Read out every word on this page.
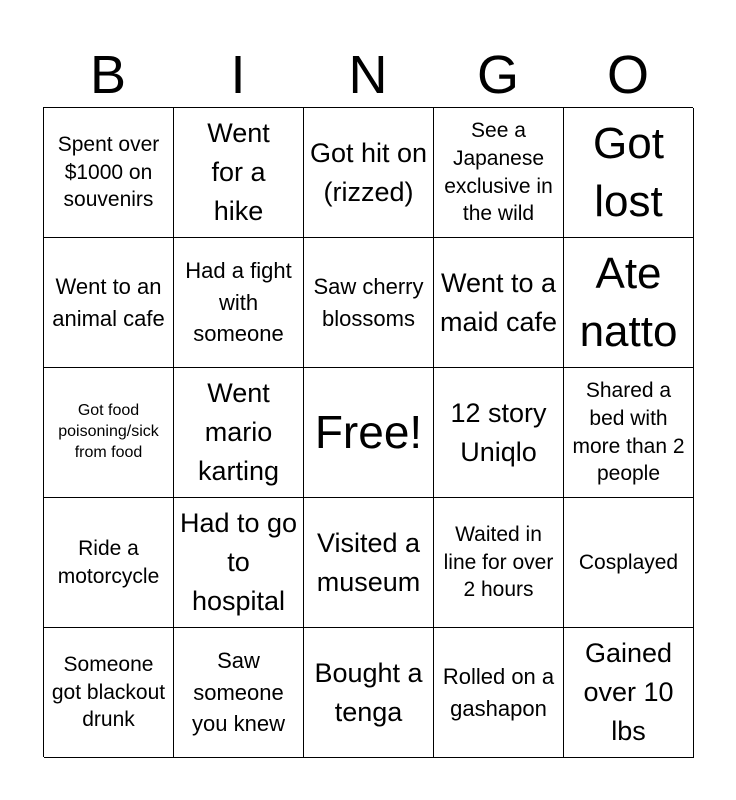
B	I	N	G	O
Spent over $1000 on souvenirs
Went for a hike
Got hit on (rizzed)
See a Japanese exclusive in the wild
Got lost
Went to an animal cafe
Had a fight with someone
Saw cherry blossoms
Went to a maid cafe
Ate natto
Got food poisoning/sick from food
Went mario karting
Free! 12 story Uniqlo
Shared a bed with more than 2 people
Ride a motorcycle
Had to go to hospital
Visited a museum
Waited in line for over 2 hours
Cosplayed
Someone got blackout drunk
Saw someone you knew
Bought a tenga
Rolled on a gashapon
Gained over 10 lbs
